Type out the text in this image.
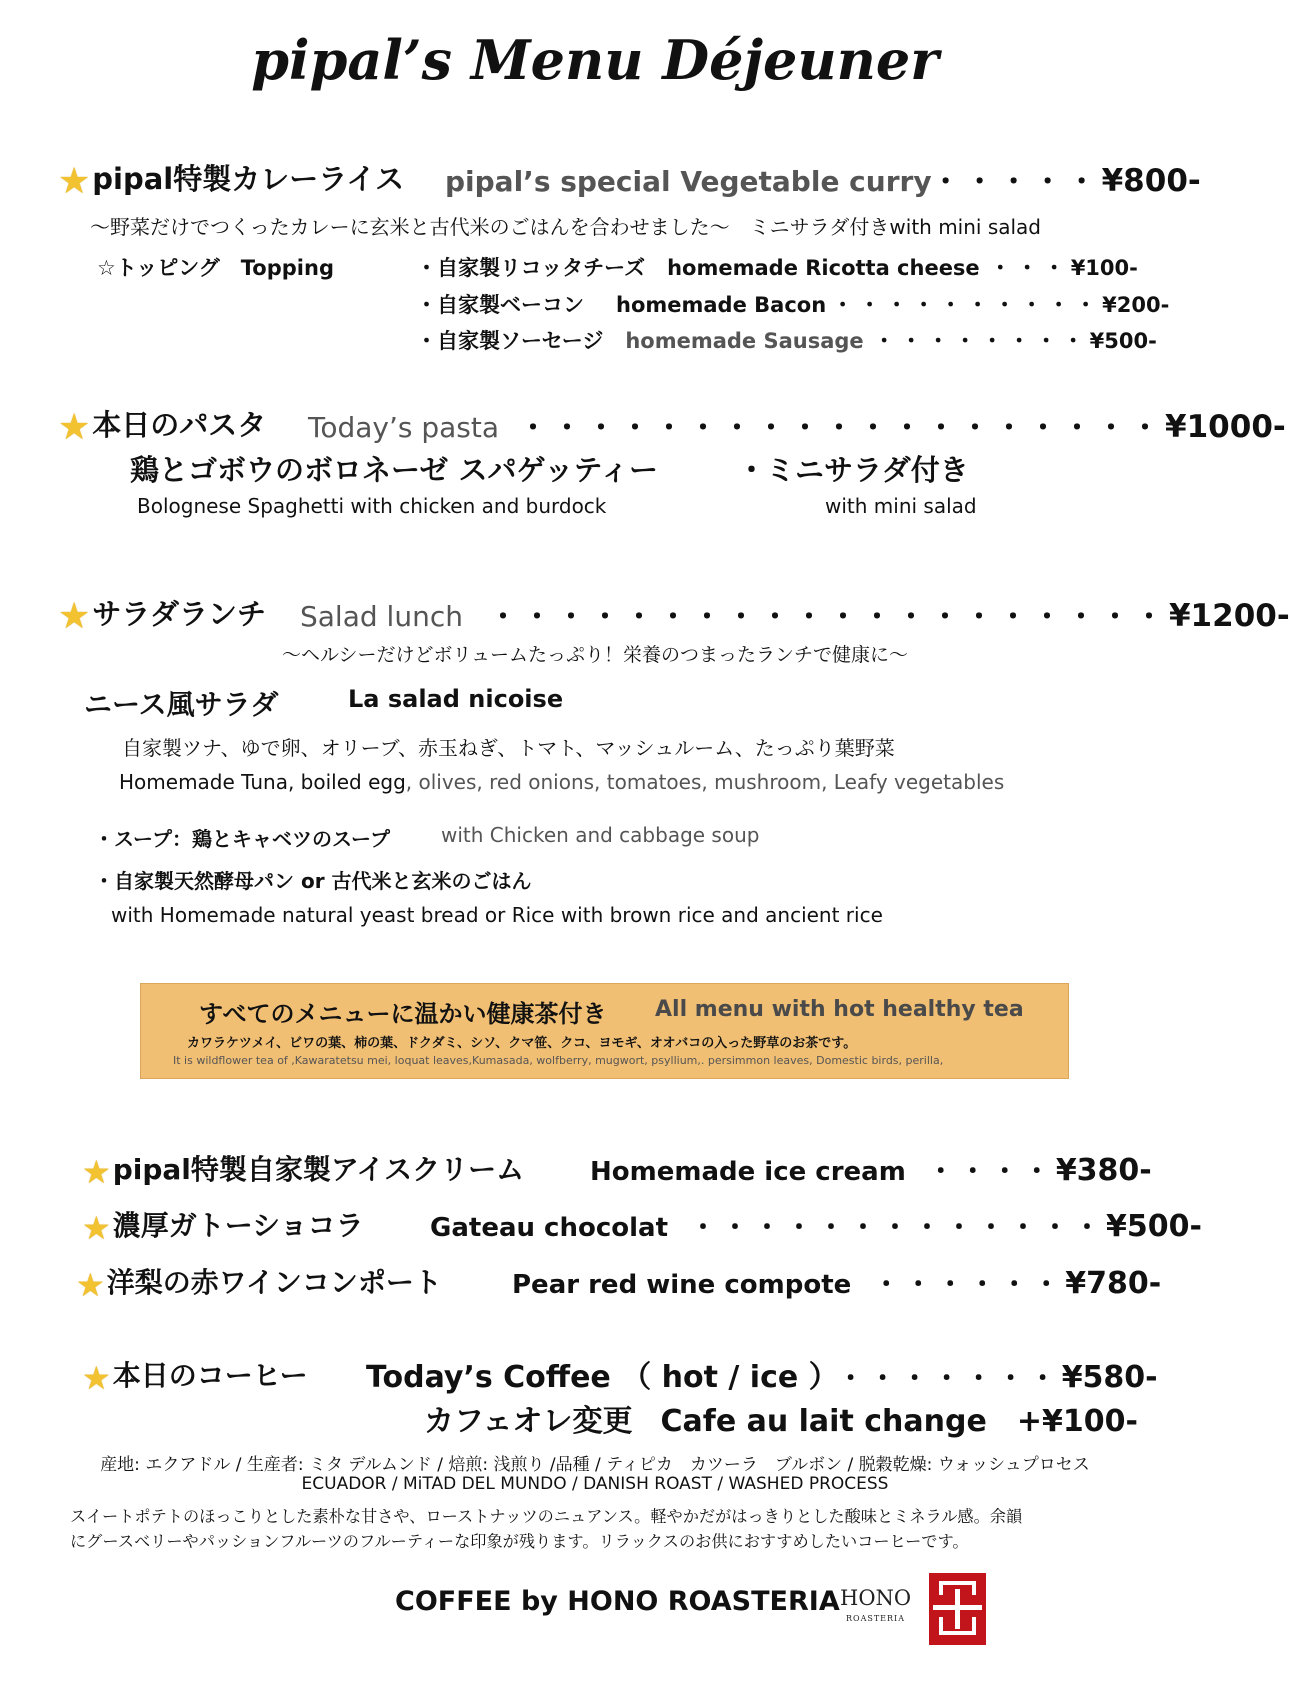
pipal’s Menu Déjeuner
★pipal特製カレーライス pipal’s special Vegetable curry・・・・・¥800-
〜野菜だけでつくったカレーに玄米と古代米のごはんを合わせました〜　ミニサラダ付きwith mini salad
☆トッピング　Topping	・自家製リコッタチーズ homemade Ricotta cheese ・・・¥100-
・自家製ベーコン homemade Bacon ・・・・・・・・・・¥200-
・自家製ソーセージ homemade Sausage ・・・・・・・・¥500-
★本日のパスタ Today’s pasta ・・・・・・・・・・・・・・・・・・・¥1000-
鶏とゴボウのボロネーゼ スパゲッティー	・ミニサラダ付き
Bolognese Spaghetti with chicken and burdock	with mini salad
★サラダランチ Salad lunch ・・・・・・・・・・・・・・・・・・・・¥1200-
〜ヘルシーだけどボリュームたっぷり！栄養のつまったランチで健康に〜
ニース風サラダ	La salad nicoise
自家製ツナ、ゆで卵、オリーブ、赤玉ねぎ、トマト、マッシュルーム、たっぷり葉野菜
Homemade Tuna, boiled egg, olives, red onions, tomatoes, mushroom, Leafy vegetables
・スープ：鶏とキャベツのスープ	with Chicken and cabbage soup
・自家製天然酵母パン or 古代米と玄米のごはん
with Homemade natural yeast bread or Rice with brown rice and ancient rice
すべてのメニューに温かい健康茶付き All menu with hot healthy tea
カワラケツメイ、ビワの葉、柿の葉、ドクダミ、シソ、クマ笹、クコ、ヨモギ、オオバコの入った野草のお茶です。
It is wildflower tea of ,Kawaratetsu mei, loquat leaves,Kumasada, wolfberry, mugwort, psyllium,. persimmon leaves, Domestic birds, perilla,
★pipal特製自家製アイスクリーム	Homemade ice cream ・・・・¥380-
★濃厚ガトーショコラ	Gateau chocolat ・・・・・・・・・・・・・¥500-
★洋梨の赤ワインコンポート	Pear red wine compote ・・・・・・¥780-
★本日のコーヒー Today’s Coffee （ hot / ice ） ・・・・・・・¥580-
カフェオレ変更 Cafe au lait change +¥100-
産地: エクアドル / 生産者: ミタ デルムンド / 焙煎: 浅煎り /品種 / ティピカ　カツーラ　ブルボン / 脱穀乾燥: ウォッシュプロセス
ECUADOR / MiTAD DEL MUNDO / DANISH ROAST / WASHED PROCESS
スイートポテトのほっこりとした素朴な甘さや、ローストナッツのニュアンス。軽やかだがはっきりとした酸味とミネラル感。余韻
にグースベリーやパッションフルーツのフルーティーな印象が残ります。リラックスのお供におすすめしたいコーヒーです。
COFFEE by HONO ROASTERIA HONO
ROASTERIA
